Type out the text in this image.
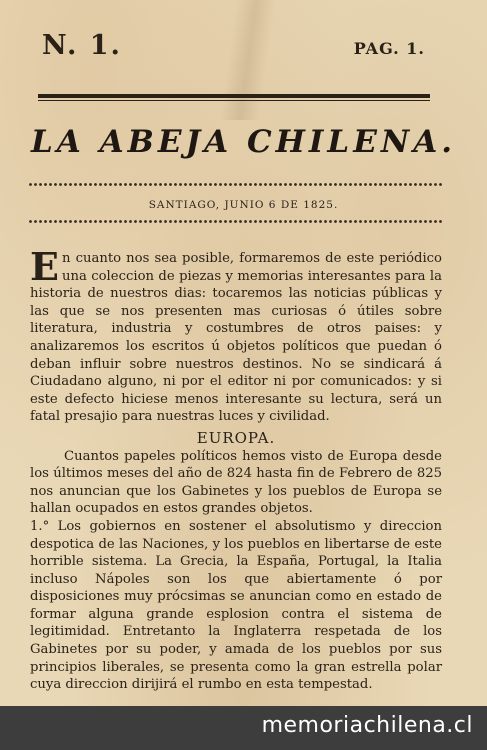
N. 1.	PAG. 1.
LA ABEJA CHILENA.
SANTIAGO, JUNIO 6 DE 1825.

En cuanto nos sea posible, formaremos de este periódico una coleccion de piezas y memorias interesantes para la historia de nuestros dias: tocaremos las noticias públicas y las que se nos presenten mas curiosas ó útiles sobre literatura, industria y costumbres de otros paises: y analizaremos los escritos ú objetos políticos que puedan ó deban influir sobre nuestros destinos. No se sindicará á Ciudadano alguno, ni por el editor ni por comunicados: y si este defecto hiciese menos interesante su lectura, será un fatal presajio para nuestras luces y civilidad.

EUROPA.

Cuantos papeles políticos hemos visto de Europa desde los últimos meses del año de 824 hasta fin de Febrero de 825 nos anuncian que los Gabinetes y los pueblos de Europa se hallan ocupados en estos grandes objetos.

1.° Los gobiernos en sostener el absolutismo y direccion despotica de las Naciones, y los pueblos en libertarse de este horrible sistema. La Grecia, la España, Portugal, la Italia incluso Nápoles son los que abiertamente ó por disposiciones muy prócsimas se anuncian como en estado de formar alguna grande esplosion contra el sistema de legitimidad. Entretanto la Inglaterra respetada de los Gabinetes por su poder, y amada de los pueblos por sus principios liberales, se presenta como la gran estrella polar cuya direccion dirijirá el rumbo en esta tempestad.

memoriachilena.cl
